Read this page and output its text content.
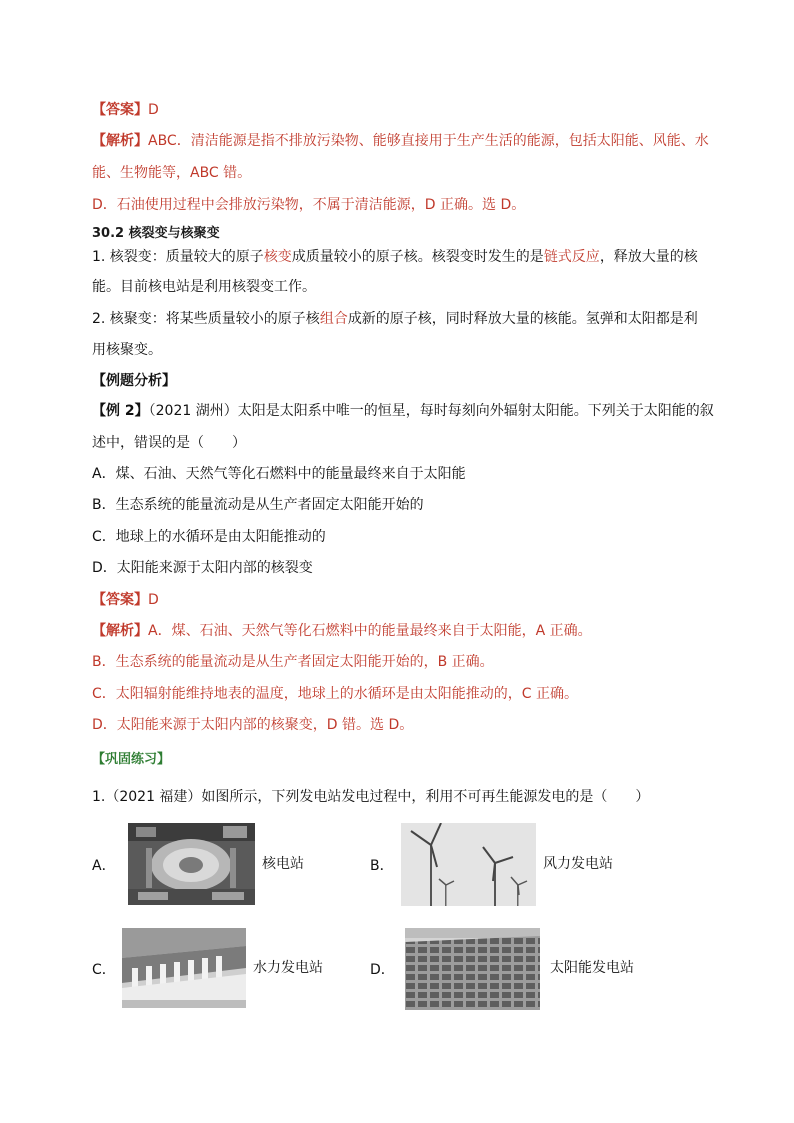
【答案】D
【解析】ABC．清洁能源是指不排放污染物、能够直接用于生产生活的能源，包括太阳能、风能、水
能、生物能等，ABC 错。
D．石油使用过程中会排放污染物，不属于清洁能源，D 正确。选 D。
30.2 核裂变与核聚变
1. 核裂变：质量较大的原子核变成质量较小的原子核。核裂变时发生的是链式反应，释放大量的核
能。目前核电站是利用核裂变工作。
2. 核聚变：将某些质量较小的原子核组合成新的原子核，同时释放大量的核能。氢弹和太阳都是利
用核聚变。
【例题分析】
【例 2】（2021 湖州）太阳是太阳系中唯一的恒星，每时每刻向外辐射太阳能。下列关于太阳能的叙
述中，错误的是（　　）
A．煤、石油、天然气等化石燃料中的能量最终来自于太阳能
B．生态系统的能量流动是从生产者固定太阳能开始的
C．地球上的水循环是由太阳能推动的
D．太阳能来源于太阳内部的核裂变
【答案】D
【解析】A．煤、石油、天然气等化石燃料中的能量最终来自于太阳能，A 正确。
B．生态系统的能量流动是从生产者固定太阳能开始的，B 正确。
C．太阳辐射能维持地表的温度，地球上的水循环是由太阳能推动的，C 正确。
D．太阳能来源于太阳内部的核聚变，D 错。选 D。
【巩固练习】
1.（2021 福建）如图所示，下列发电站发电过程中，利用不可再生能源发电的是（　　）
A．	核电站	B．	风力发电站
C．	水力发电站	D．	太阳能发电站
